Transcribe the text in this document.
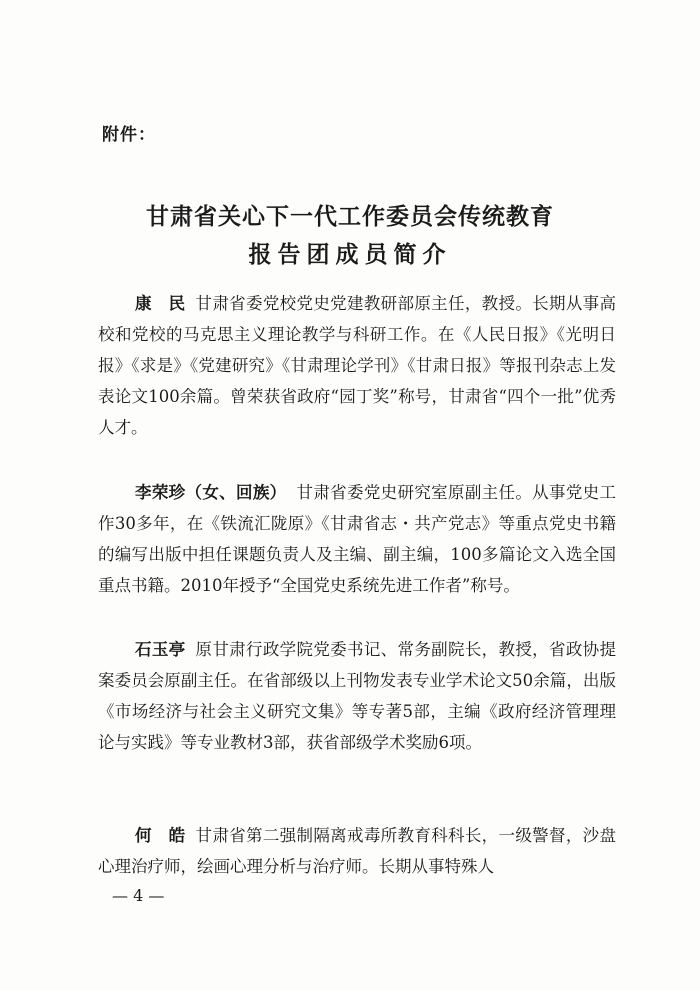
附件：
甘肃省关心下一代工作委员会传统教育
报告团成员简介

康　民 甘肃省委党校党史党建教研部原主任，教授。长期从事高校和党校的马克思主义理论教学与科研工作。在《人民日报》《光明日报》《求是》《党建研究》《甘肃理论学刊》《甘肃日报》等报刊杂志上发表论文100余篇。曾荣获省政府“园丁奖”称号，甘肃省“四个一批”优秀人才。

李荣珍（女、回族） 甘肃省委党史研究室原副主任。从事党史工作30多年，在《铁流汇陇原》《甘肃省志・共产党志》等重点党史书籍的编写出版中担任课题负责人及主编、副主编，100多篇论文入选全国重点书籍。2010年授予“全国党史系统先进工作者”称号。

石玉亭 原甘肃行政学院党委书记、常务副院长，教授，省政协提案委员会原副主任。在省部级以上刊物发表专业学术论文50余篇，出版《市场经济与社会主义研究文集》等专著5部，主编《政府经济管理理论与实践》等专业教材3部，获省部级学术奖励6项。

何　皓 甘肃省第二强制隔离戒毒所教育科科长，一级警督，沙盘心理治疗师，绘画心理分析与治疗师。长期从事特殊人

— 4 —
